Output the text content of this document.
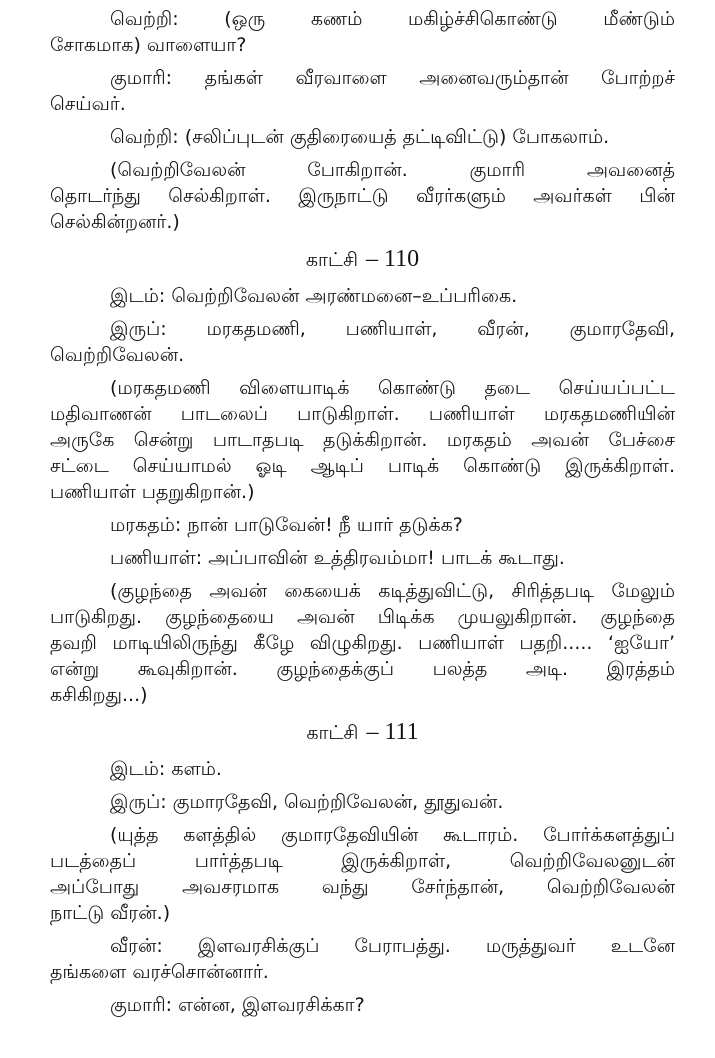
வெற்றி: (ஒரு கணம் மகிழ்ச்சிகொண்டு மீண்டும்
சோகமாக) வாளையா?
குமாரி: தங்கள் வீரவாளை அனைவரும்தான் போற்றச்
செய்வர்.
வெற்றி: (சலிப்புடன் குதிரையைத் தட்டிவிட்டு) போகலாம்.
(வெற்றிவேலன் போகிறான். குமாரி அவனைத்
தொடர்ந்து செல்கிறாள். இருநாட்டு வீரர்களும் அவர்கள் பின்
செல்கின்றனர்.)
காட்சி – 110
இடம்: வெற்றிவேலன் அரண்மனை–உப்பரிகை.
இருப்: மரகதமணி, பணியாள், வீரன், குமாரதேவி,
வெற்றிவேலன்.
(மரகதமணி விளையாடிக் கொண்டு தடை செய்யப்பட்ட
மதிவாணன் பாடலைப் பாடுகிறாள். பணியாள் மரகதமணியின்
அருகே சென்று பாடாதபடி தடுக்கிறான். மரகதம் அவன் பேச்சை
சட்டை செய்யாமல் ஓடி ஆடிப் பாடிக் கொண்டு இருக்கிறாள்.
பணியாள் பதறுகிறான்.)
மரகதம்: நான் பாடுவேன்! நீ யார் தடுக்க?
பணியாள்: அப்பாவின் உத்திரவம்மா! பாடக் கூடாது.
(குழந்தை அவன் கையைக் கடித்துவிட்டு, சிரித்தபடி மேலும்
பாடுகிறது. குழந்தையை அவன் பிடிக்க முயலுகிறான். குழந்தை
தவறி மாடியிலிருந்து கீழே விழுகிறது. பணியாள் பதறி..... ‘ஐயோ’
என்று கூவுகிறான். குழந்தைக்குப் பலத்த அடி. இரத்தம்
கசிகிறது...)
காட்சி – 111
இடம்: களம்.
இருப்: குமாரதேவி, வெற்றிவேலன், தூதுவன்.
(யுத்த களத்தில் குமாரதேவியின் கூடாரம். போர்க்களத்துப்
படத்தைப் பார்த்தபடி இருக்கிறாள், வெற்றிவேலனுடன்
அப்போது அவசரமாக வந்து சேர்ந்தான், வெற்றிவேலன்
நாட்டு வீரன்.)
வீரன்: இளவரசிக்குப் பேராபத்து. மருத்துவர் உடனே
தங்களை வரச்சொன்னார்.
குமாரி: என்ன, இளவரசிக்கா?
